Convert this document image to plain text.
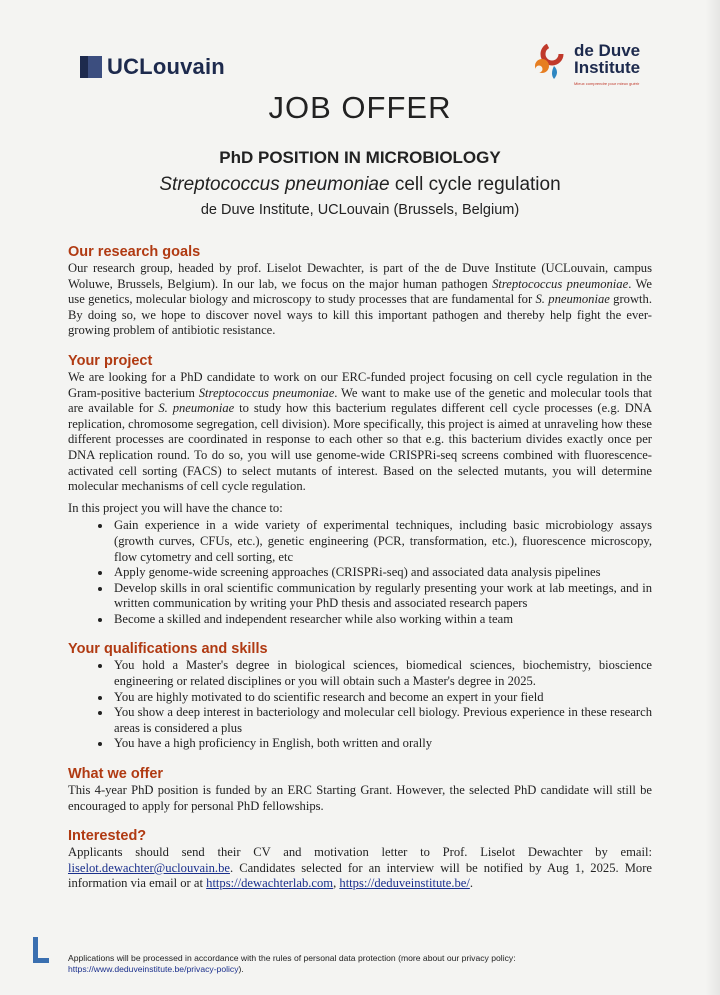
UCLouvain
de Duve
Institute
Mieux comprendre pour mieux guérir
JOB OFFER
PhD POSITION IN MICROBIOLOGY
Streptococcus pneumoniae cell cycle regulation
de Duve Institute, UCLouvain (Brussels, Belgium)
Our research goals

Our research group, headed by prof. Liselot Dewachter, is part of the de Duve Institute (UCLouvain, campus Woluwe, Brussels, Belgium). In our lab, we focus on the major human pathogen Streptococcus pneumoniae. We use genetics, molecular biology and microscopy to study processes that are fundamental for S. pneumoniae growth. By doing so, we hope to discover novel ways to kill this important pathogen and thereby help fight the ever-growing problem of antibiotic resistance.

Your project

We are looking for a PhD candidate to work on our ERC-funded project focusing on cell cycle regulation in the Gram-positive bacterium Streptococcus pneumoniae. We want to make use of the genetic and molecular tools that are available for S. pneumoniae to study how this bacterium regulates different cell cycle processes (e.g. DNA replication, chromosome segregation, cell division). More specifically, this project is aimed at unraveling how these different processes are coordinated in response to each other so that e.g. this bacterium divides exactly once per DNA replication round. To do so, you will use genome-wide CRISPRi-seq screens combined with fluorescence-activated cell sorting (FACS) to select mutants of interest. Based on the selected mutants, you will determine molecular mechanisms of cell cycle regulation.

In this project you will have the chance to:

• Gain experience in a wide variety of experimental techniques, including basic microbiology assays (growth curves, CFUs, etc.), genetic engineering (PCR, transformation, etc.), fluorescence microscopy, flow cytometry and cell sorting, etc
• Apply genome-wide screening approaches (CRISPRi-seq) and associated data analysis pipelines
• Develop skills in oral scientific communication by regularly presenting your work at lab meetings, and in written communication by writing your PhD thesis and associated research papers
• Become a skilled and independent researcher while also working within a team
Your qualifications and skills
• You hold a Master's degree in biological sciences, biomedical sciences, biochemistry, bioscience engineering or related disciplines or you will obtain such a Master's degree in 2025.
• You are highly motivated to do scientific research and become an expert in your field
• You show a deep interest in bacteriology and molecular cell biology. Previous experience in these research areas is considered a plus
• You have a high proficiency in English, both written and orally
What we offer

This 4-year PhD position is funded by an ERC Starting Grant. However, the selected PhD candidate will still be encouraged to apply for personal PhD fellowships.

Interested?

Applicants should send their CV and motivation letter to Prof. Liselot Dewachter by email: liselot.dewachter@uclouvain.be. Candidates selected for an interview will be notified by Aug 1, 2025. More information via email or at https://dewachterlab.com, https://deduveinstitute.be/.

Applications will be processed in accordance with the rules of personal data protection (more about our privacy policy: https://www.deduveinstitute.be/privacy-policy).
